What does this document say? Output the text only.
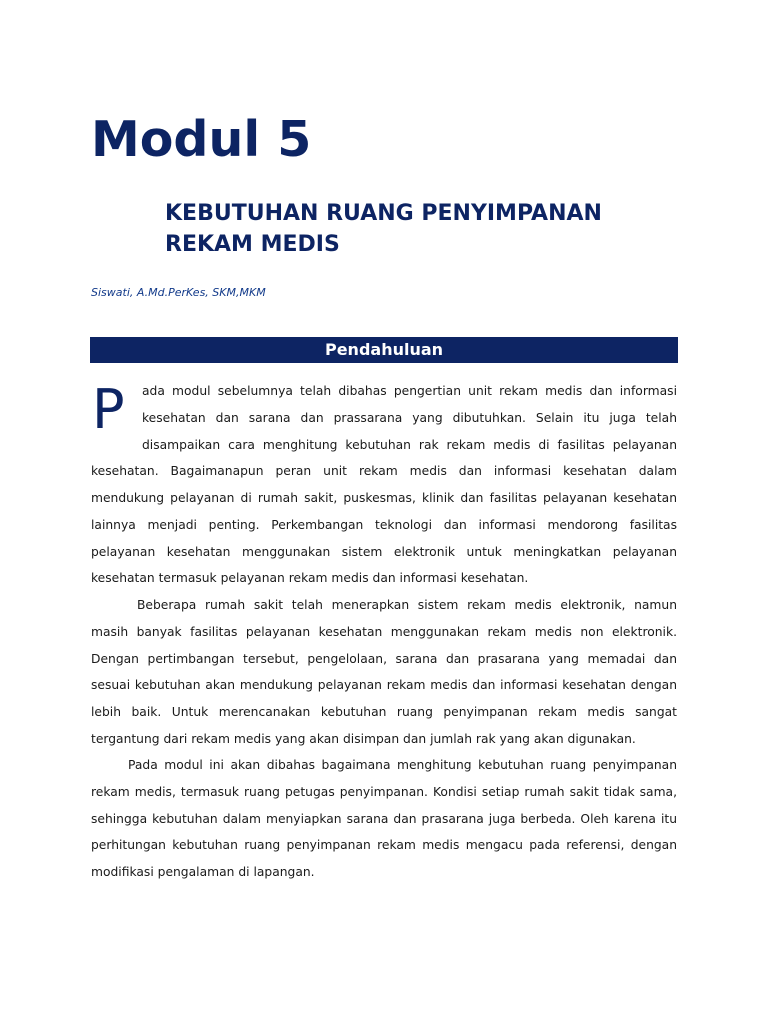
Modul 5
KEBUTUHAN RUANG PENYIMPANAN
REKAM MEDIS

Siswati, A.Md.PerKes, SKM,MKM

Pendahuluan
P	ada modul sebelumnya telah dibahas pengertian unit rekam medis dan informasi
kesehatan dan sarana dan prassarana yang dibutuhkan. Selain itu juga telah
disampaikan cara menghitung kebutuhan rak rekam medis di fasilitas pelayanan
kesehatan. Bagaimanapun peran unit rekam medis dan informasi kesehatan dalam
mendukung pelayanan di rumah sakit, puskesmas, klinik dan fasilitas pelayanan kesehatan
lainnya menjadi penting. Perkembangan teknologi dan informasi mendorong fasilitas
pelayanan kesehatan menggunakan sistem elektronik untuk meningkatkan pelayanan
kesehatan termasuk pelayanan rekam medis dan informasi kesehatan.
Beberapa rumah sakit telah menerapkan sistem rekam medis elektronik, namun
masih banyak fasilitas pelayanan kesehatan menggunakan rekam medis non elektronik.
Dengan pertimbangan tersebut, pengelolaan, sarana dan prasarana yang memadai dan
sesuai kebutuhan akan mendukung pelayanan rekam medis dan informasi kesehatan dengan
lebih baik. Untuk merencanakan kebutuhan ruang penyimpanan rekam medis sangat
tergantung dari rekam medis yang akan disimpan dan jumlah rak yang akan digunakan.
Pada modul ini akan dibahas bagaimana menghitung kebutuhan ruang penyimpanan
rekam medis, termasuk ruang petugas penyimpanan. Kondisi setiap rumah sakit tidak sama,
sehingga kebutuhan dalam menyiapkan sarana dan prasarana juga berbeda. Oleh karena itu
perhitungan kebutuhan ruang penyimpanan rekam medis mengacu pada referensi, dengan
modifikasi pengalaman di lapangan.
